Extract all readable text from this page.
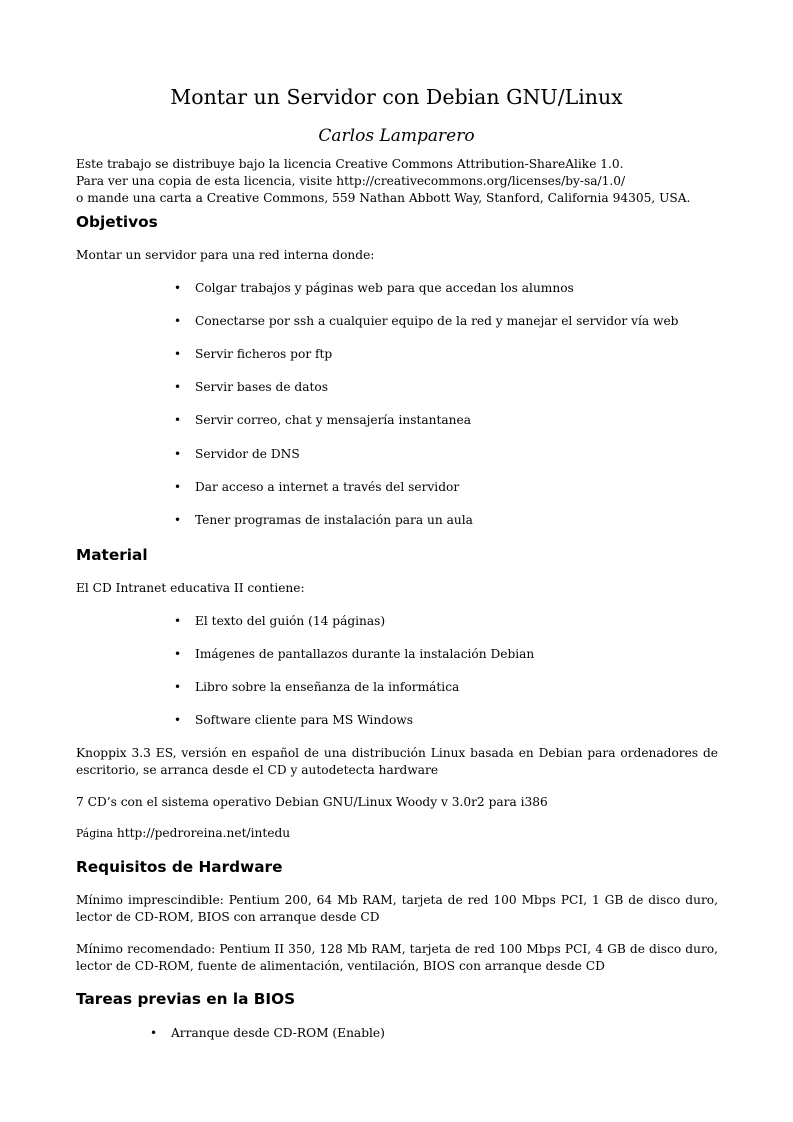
Montar un Servidor con Debian GNU/Linux
Carlos Lamparero
Este trabajo se distribuye bajo la licencia Creative Commons Attribution-ShareAlike 1.0.
Para ver una copia de esta licencia, visite http://creativecommons.org/licenses/by-sa/1.0/
o mande una carta a Creative Commons, 559 Nathan Abbott Way, Stanford, California 94305, USA.
Objetivos
Montar un servidor para una red interna donde:
• Colgar trabajos y páginas web para que accedan los alumnos
• Conectarse por ssh a cualquier equipo de la red y manejar el servidor vía web
• Servir ficheros por ftp
• Servir bases de datos
• Servir correo, chat y mensajería instantanea
• Servidor de DNS
• Dar acceso a internet a través del servidor
• Tener programas de instalación para un aula
Material
El CD Intranet educativa II contiene:
• El texto del guión (14 páginas)
• Imágenes de pantallazos durante la instalación Debian
• Libro sobre la enseñanza de la informática
• Software cliente para MS Windows
Knoppix 3.3 ES, versión en español de una distribución Linux basada en Debian para ordenadores de escritorio, se arranca desde el CD y autodetecta hardware
7 CD’s con el sistema operativo Debian GNU/Linux Woody v 3.0r2 para i386
Página http://pedroreina.net/intedu
Requisitos de Hardware
Mínimo imprescindible: Pentium 200, 64 Mb RAM, tarjeta de red 100 Mbps PCI, 1 GB de disco duro, lector de CD-ROM, BIOS con arranque desde CD
Mínimo recomendado: Pentium II 350, 128 Mb RAM, tarjeta de red 100 Mbps PCI, 4 GB de disco duro, lector de CD-ROM, fuente de alimentación, ventilación, BIOS con arranque desde CD
Tareas previas en la BIOS
• Arranque desde CD-ROM (Enable)
